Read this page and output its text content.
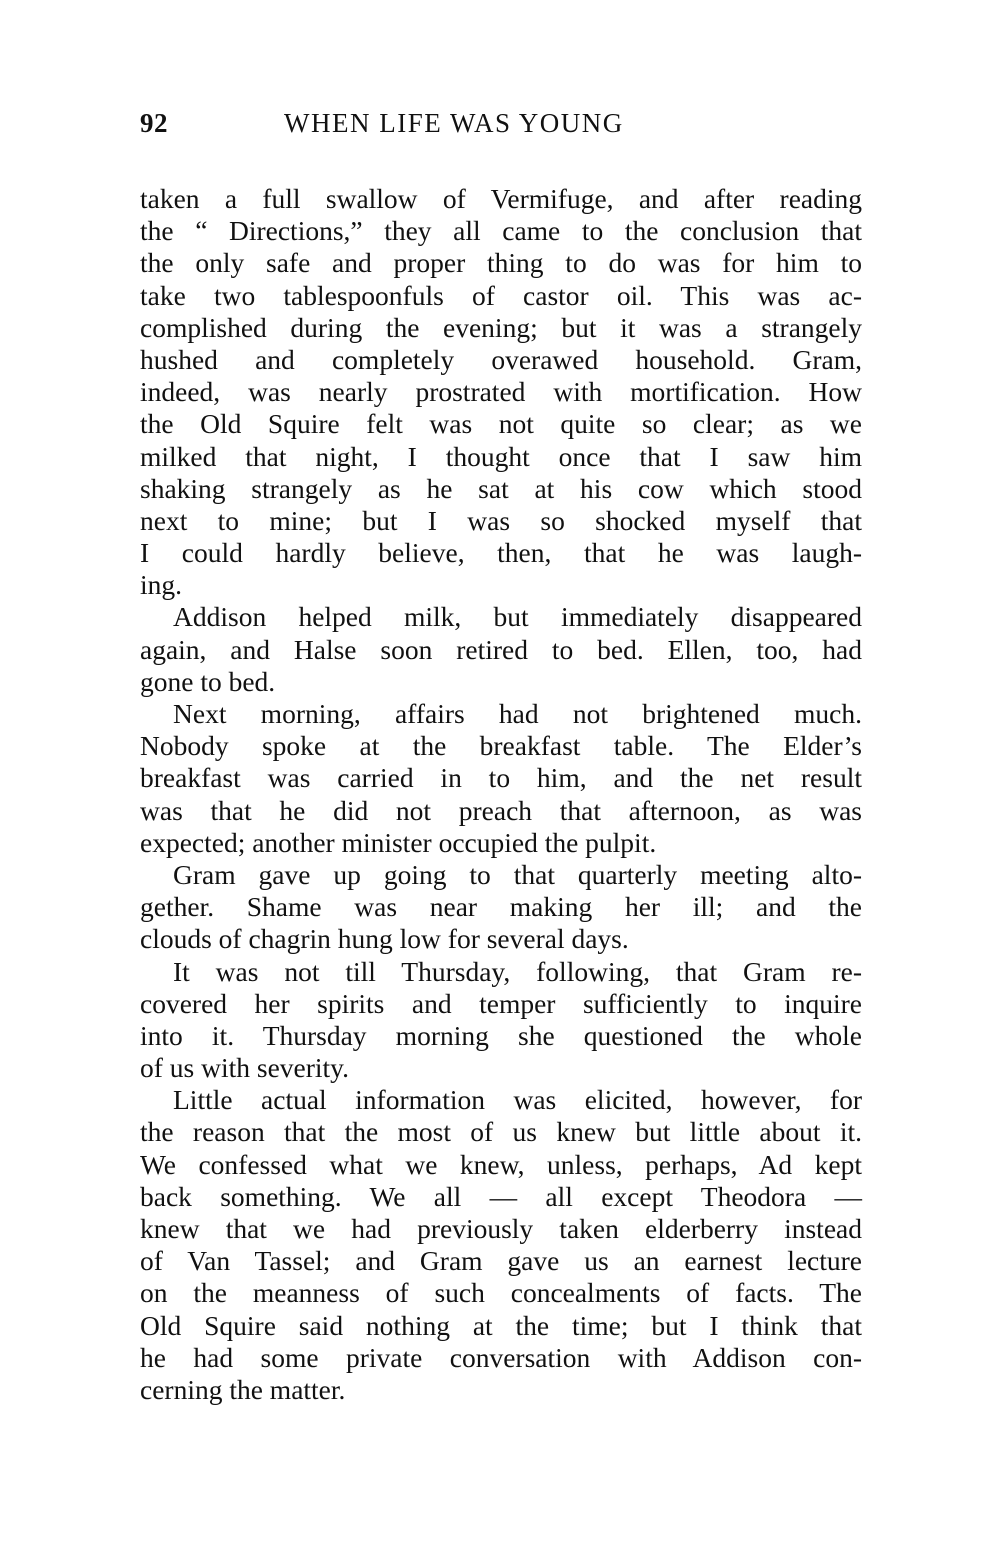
92	WHEN LIFE WAS YOUNG
taken a full swallow of Vermifuge, and after reading
the “ Directions,” they all came to the conclusion that
the only safe and proper thing to do was for him to
take two tablespoonfuls of castor oil. This was ac-
complished during the evening; but it was a strangely
hushed and completely overawed household. Gram,
indeed, was nearly prostrated with mortification. How
the Old Squire felt was not quite so clear; as we
milked that night, I thought once that I saw him
shaking strangely as he sat at his cow which stood
next to mine; but I was so shocked myself that
I could hardly believe, then, that he was laugh-
ing.
Addison helped milk, but immediately disappeared
again, and Halse soon retired to bed. Ellen, too, had
gone to bed.
Next morning, affairs had not brightened much.
Nobody spoke at the breakfast table. The Elder’s
breakfast was carried in to him, and the net result
was that he did not preach that afternoon, as was
expected; another minister occupied the pulpit.
Gram gave up going to that quarterly meeting alto-
gether. Shame was near making her ill; and the
clouds of chagrin hung low for several days.
It was not till Thursday, following, that Gram re-
covered her spirits and temper sufficiently to inquire
into it. Thursday morning she questioned the whole
of us with severity.
Little actual information was elicited, however, for
the reason that the most of us knew but little about it.
We confessed what we knew, unless, perhaps, Ad kept
back something. We all — all except Theodora —
knew that we had previously taken elderberry instead
of Van Tassel; and Gram gave us an earnest lecture
on the meanness of such concealments of facts. The
Old Squire said nothing at the time; but I think that
he had some private conversation with Addison con-
cerning the matter.
